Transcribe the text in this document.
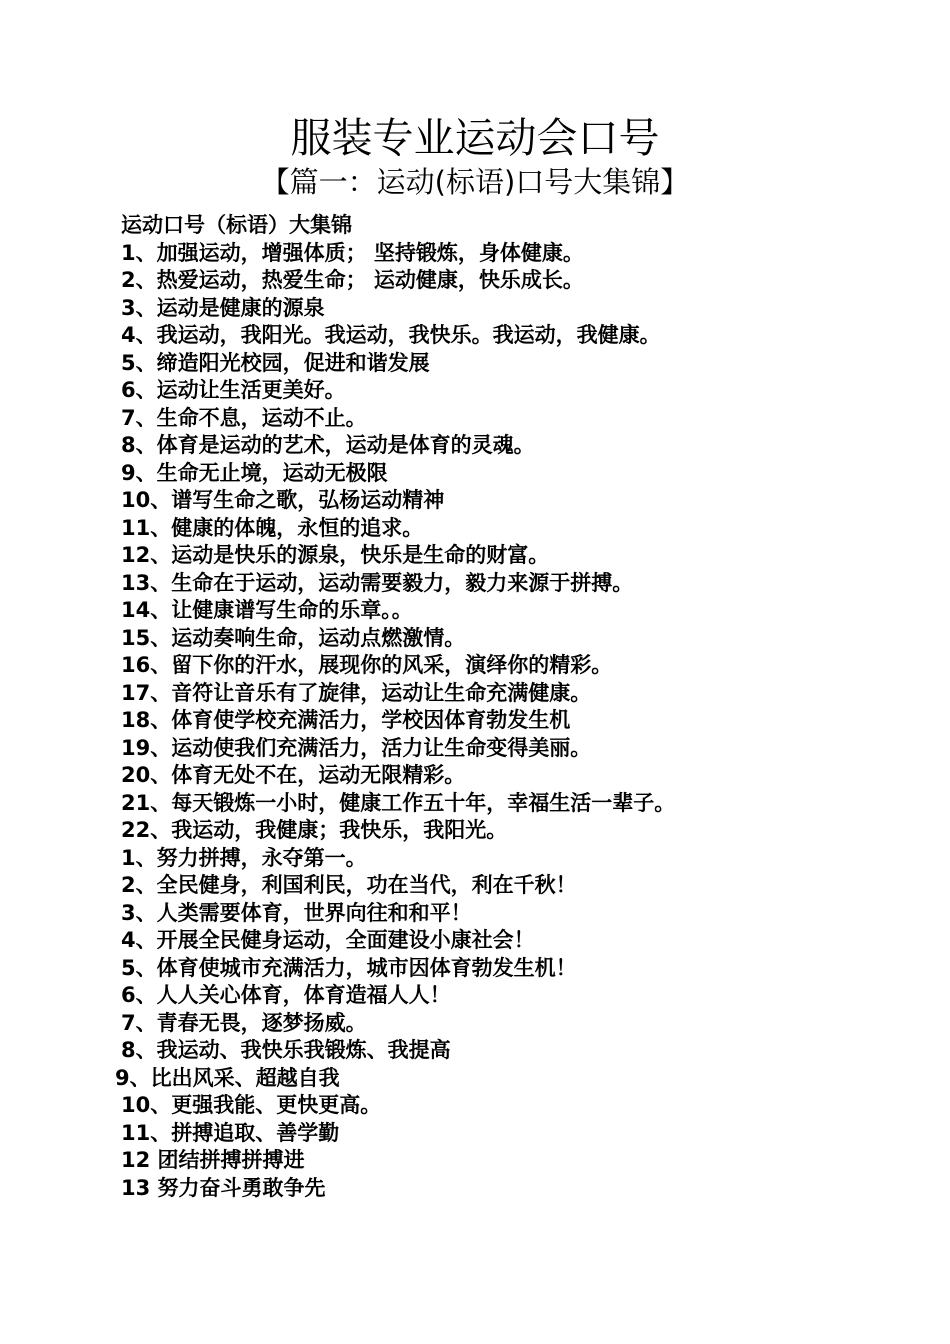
服装专业运动会口号
【篇一：运动(标语)口号大集锦】
运动口号（标语）大集锦
1、加强运动，增强体质； 坚持锻炼，身体健康。
2、热爱运动，热爱生命； 运动健康，快乐成长。
3、运动是健康的源泉
4、我运动，我阳光。我运动，我快乐。我运动，我健康。
5、缔造阳光校园，促进和谐发展
6、运动让生活更美好。
7、生命不息，运动不止。
8、体育是运动的艺术，运动是体育的灵魂。
9、生命无止境，运动无极限
10、谱写生命之歌，弘杨运动精神
11、健康的体魄，永恒的追求。
12、运动是快乐的源泉，快乐是生命的财富。
13、生命在于运动，运动需要毅力，毅力来源于拼搏。
14、让健康谱写生命的乐章。。
15、运动奏响生命，运动点燃激情。
16、留下你的汗水，展现你的风采，演绎你的精彩。
17、音符让音乐有了旋律，运动让生命充满健康。
18、体育使学校充满活力，学校因体育勃发生机
19、运动使我们充满活力，活力让生命变得美丽。
20、体育无处不在，运动无限精彩。
21、每天锻炼一小时，健康工作五十年，幸福生活一辈子。
22、我运动，我健康；我快乐，我阳光。
1、努力拼搏，永夺第一。
2、全民健身，利国利民，功在当代，利在千秋！
3、人类需要体育，世界向往和和平！
4、开展全民健身运动，全面建设小康社会！
5、体育使城市充满活力，城市因体育勃发生机！
6、人人关心体育，体育造福人人！
7、青春无畏，逐梦扬威。
8、我运动、我快乐我锻炼、我提高
9、比出风采、超越自我
10、更强我能、更快更高。
11、拼搏追取、善学勤
12 团结拼搏拼搏进
13 努力奋斗勇敢争先
